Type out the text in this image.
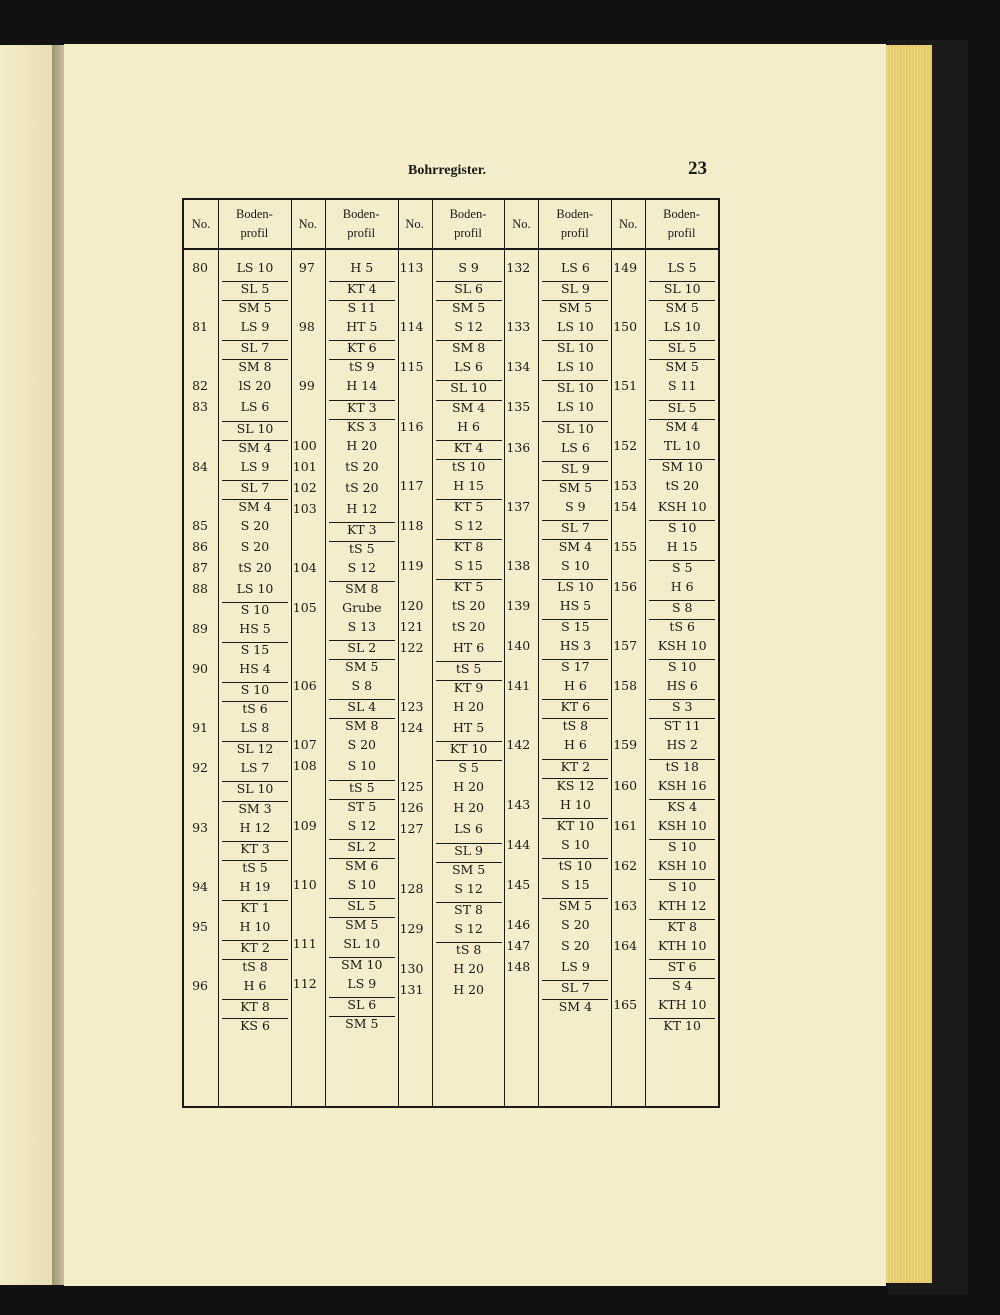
Bohrregister.	23
No.
Boden-
profil
No.
Boden-
profil
No.
Boden-
profil
No.
Boden-
profil
No.
Boden-
profil
80	LS 10
SL 5
SM 5
81	LS 9
SL 7
SM 8
82	lS 20
83	LS 6
SL 10
SM 4
84	LS 9
SL 7
SM 4
85	S 20
86	S 20
87	tS 20
88	LS 10
S 10
89	HS 5
S 15
90	HS 4
S 10
tS 6
91	LS 8
SL 12
92	LS 7
SL 10
SM 3
93	H 12
KT 3
tS 5
94	H 19
KT 1
95	H 10
KT 2
tS 8
96	H 6
KT 8
KS 6
97	H 5
KT 4
S 11
98	HT 5
KT 6
tS 9
99	H 14
KT 3
KS 3
100	H 20
101	tS 20
102	tS 20
103	H 12
KT 3
tS 5
104	S 12
SM 8
105	Grube
S 13
SL 2
SM 5
106	S 8
SL 4
SM 8
107	S 20
108	S 10
tS 5
ST 5
109	S 12
SL 2
SM 6
110	S 10
SL 5
SM 5
111	SL 10
SM 10
112	LS 9
SL 6
SM 5
113	S 9
SL 6
SM 5
114	S 12
SM 8
115	LS 6
SL 10
SM 4
116	H 6
KT 4
tS 10
117	H 15
KT 5
118	S 12
KT 8
119	S 15
KT 5
120	tS 20
121	tS 20
122	HT 6
tS 5
KT 9
123	H 20
124	HT 5
KT 10
S 5
125	H 20
126	H 20
127	LS 6
SL 9
SM 5
128	S 12
ST 8
129	S 12
tS 8
130	H 20
131	H 20
132	LS 6
SL 9
SM 5
133	LS 10
SL 10
134	LS 10
SL 10
135	LS 10
SL 10
136	LS 6
SL 9
SM 5
137	S 9
SL 7
SM 4
138	S 10
LS 10
139	HS 5
S 15
140	HS 3
S 17
141	H 6
KT 6
tS 8
142	H 6
KT 2
KS 12
143	H 10
KT 10
144	S 10
tS 10
145	S 15
SM 5
146	S 20
147	S 20
148	LS 9
SL 7
SM 4
149	LS 5
SL 10
SM 5
150	LS 10
SL 5
SM 5
151	S 11
SL 5
SM 4
152	TL 10
SM 10
153	tS 20
154	KSH 10
S 10
155	H 15
S 5
156	H 6
S 8
tS 6
157	KSH 10
S 10
158	HS 6
S 3
ST 11
159	HS 2
tS 18
160	KSH 16
KS 4
161	KSH 10
S 10
162	KSH 10
S 10
163	KTH 12
KT 8
164	KTH 10
ST 6
S 4
165	KTH 10
KT 10
